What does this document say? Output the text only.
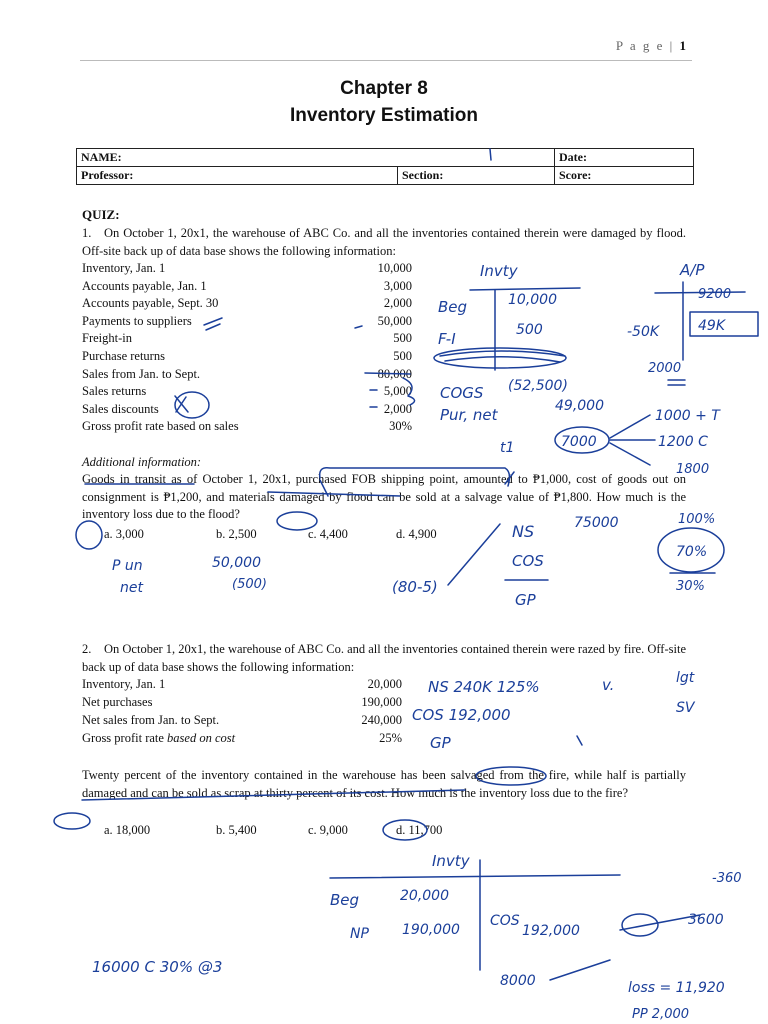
P a g e | 1
Chapter 8
Inventory Estimation
NAME:		Date:
Professor:	Section:	Score:
QUIZ:
1. On October 1, 20x1, the warehouse of ABC Co. and all the inventories contained therein were damaged by flood. Off-site back up of data base shows the following information:
Inventory, Jan. 1	10,000
Accounts payable, Jan. 1	3,000
Accounts payable, Sept. 30	2,000
Payments to suppliers	50,000
Freight-in	500
Purchase returns	500
Sales from Jan. to Sept.	80,000
Sales returns	5,000
Sales discounts	2,000
Gross profit rate based on sales	30%
Additional information:
Goods in transit as of October 1, 20x1, purchased FOB shipping point, amounted to ₱1,000, cost of goods out on consignment is ₱1,200, and materials damaged by flood can be sold at a salvage value of ₱1,800. How much is the inventory loss due to the flood?
a. 3,000	b. 2,500	c. 4,400	d. 4,900
2. On October 1, 20x1, the warehouse of ABC Co. and all the inventories contained therein were razed by fire. Off-site back up of data base shows the following information:
Inventory, Jan. 1	20,000
Net purchases	190,000
Net sales from Jan. to Sept.	240,000
Gross profit rate based on cost	25%
Twenty percent of the inventory contained in the warehouse has been salvaged from the fire, while half is partially damaged and can be sold as scrap at thirty percent of its cost. How much is the inventory loss due to the fire?
a. 18,000	b. 5,400	c. 9,000	d. 11,700
Invty
Beg	10,000
F-I	500
COGS (52,500)
Pur, net	49,000
t1	7000
1000 + T
1200 C
1800
A/P
9200
-50K	49K
2000
P un
net
50,000
(500)	(80-5)
NS
COS
GP
75000	100%
70%
30%
NS 240K 125%	v.	lgt
SV
COS 192,000
GP
Invty
Beg	20,000
NP 190,000
COS
192,000
8000
-360
3600
loss = 11,920
PP 2,000
16000 C 30% @3
